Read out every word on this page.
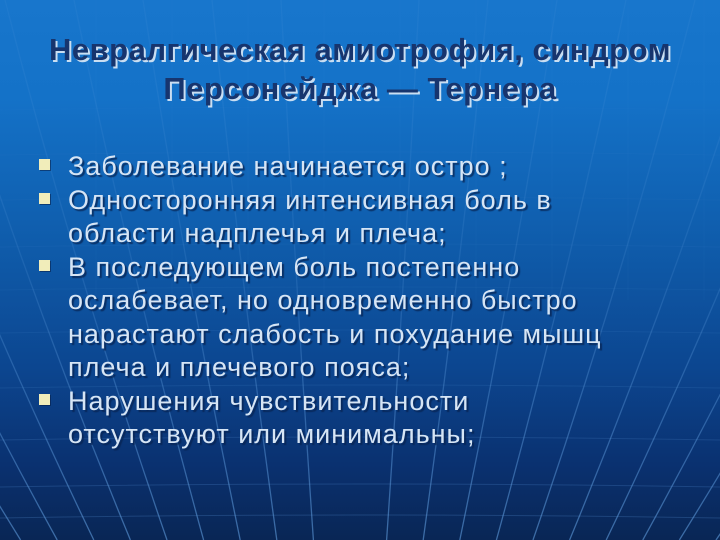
Невралгическая амиотрофия, синдром
Персонейджа — Тернера
Заболевание начинается остро ;
Односторонняя интенсивная боль в
области надплечья и плеча;
В последующем боль постепенно
ослабевает, но одновременно быстро
нарастают слабость и похудание мышц
плеча и плечевого пояса;
Нарушения чувствительности
отсутствуют или минимальны;
